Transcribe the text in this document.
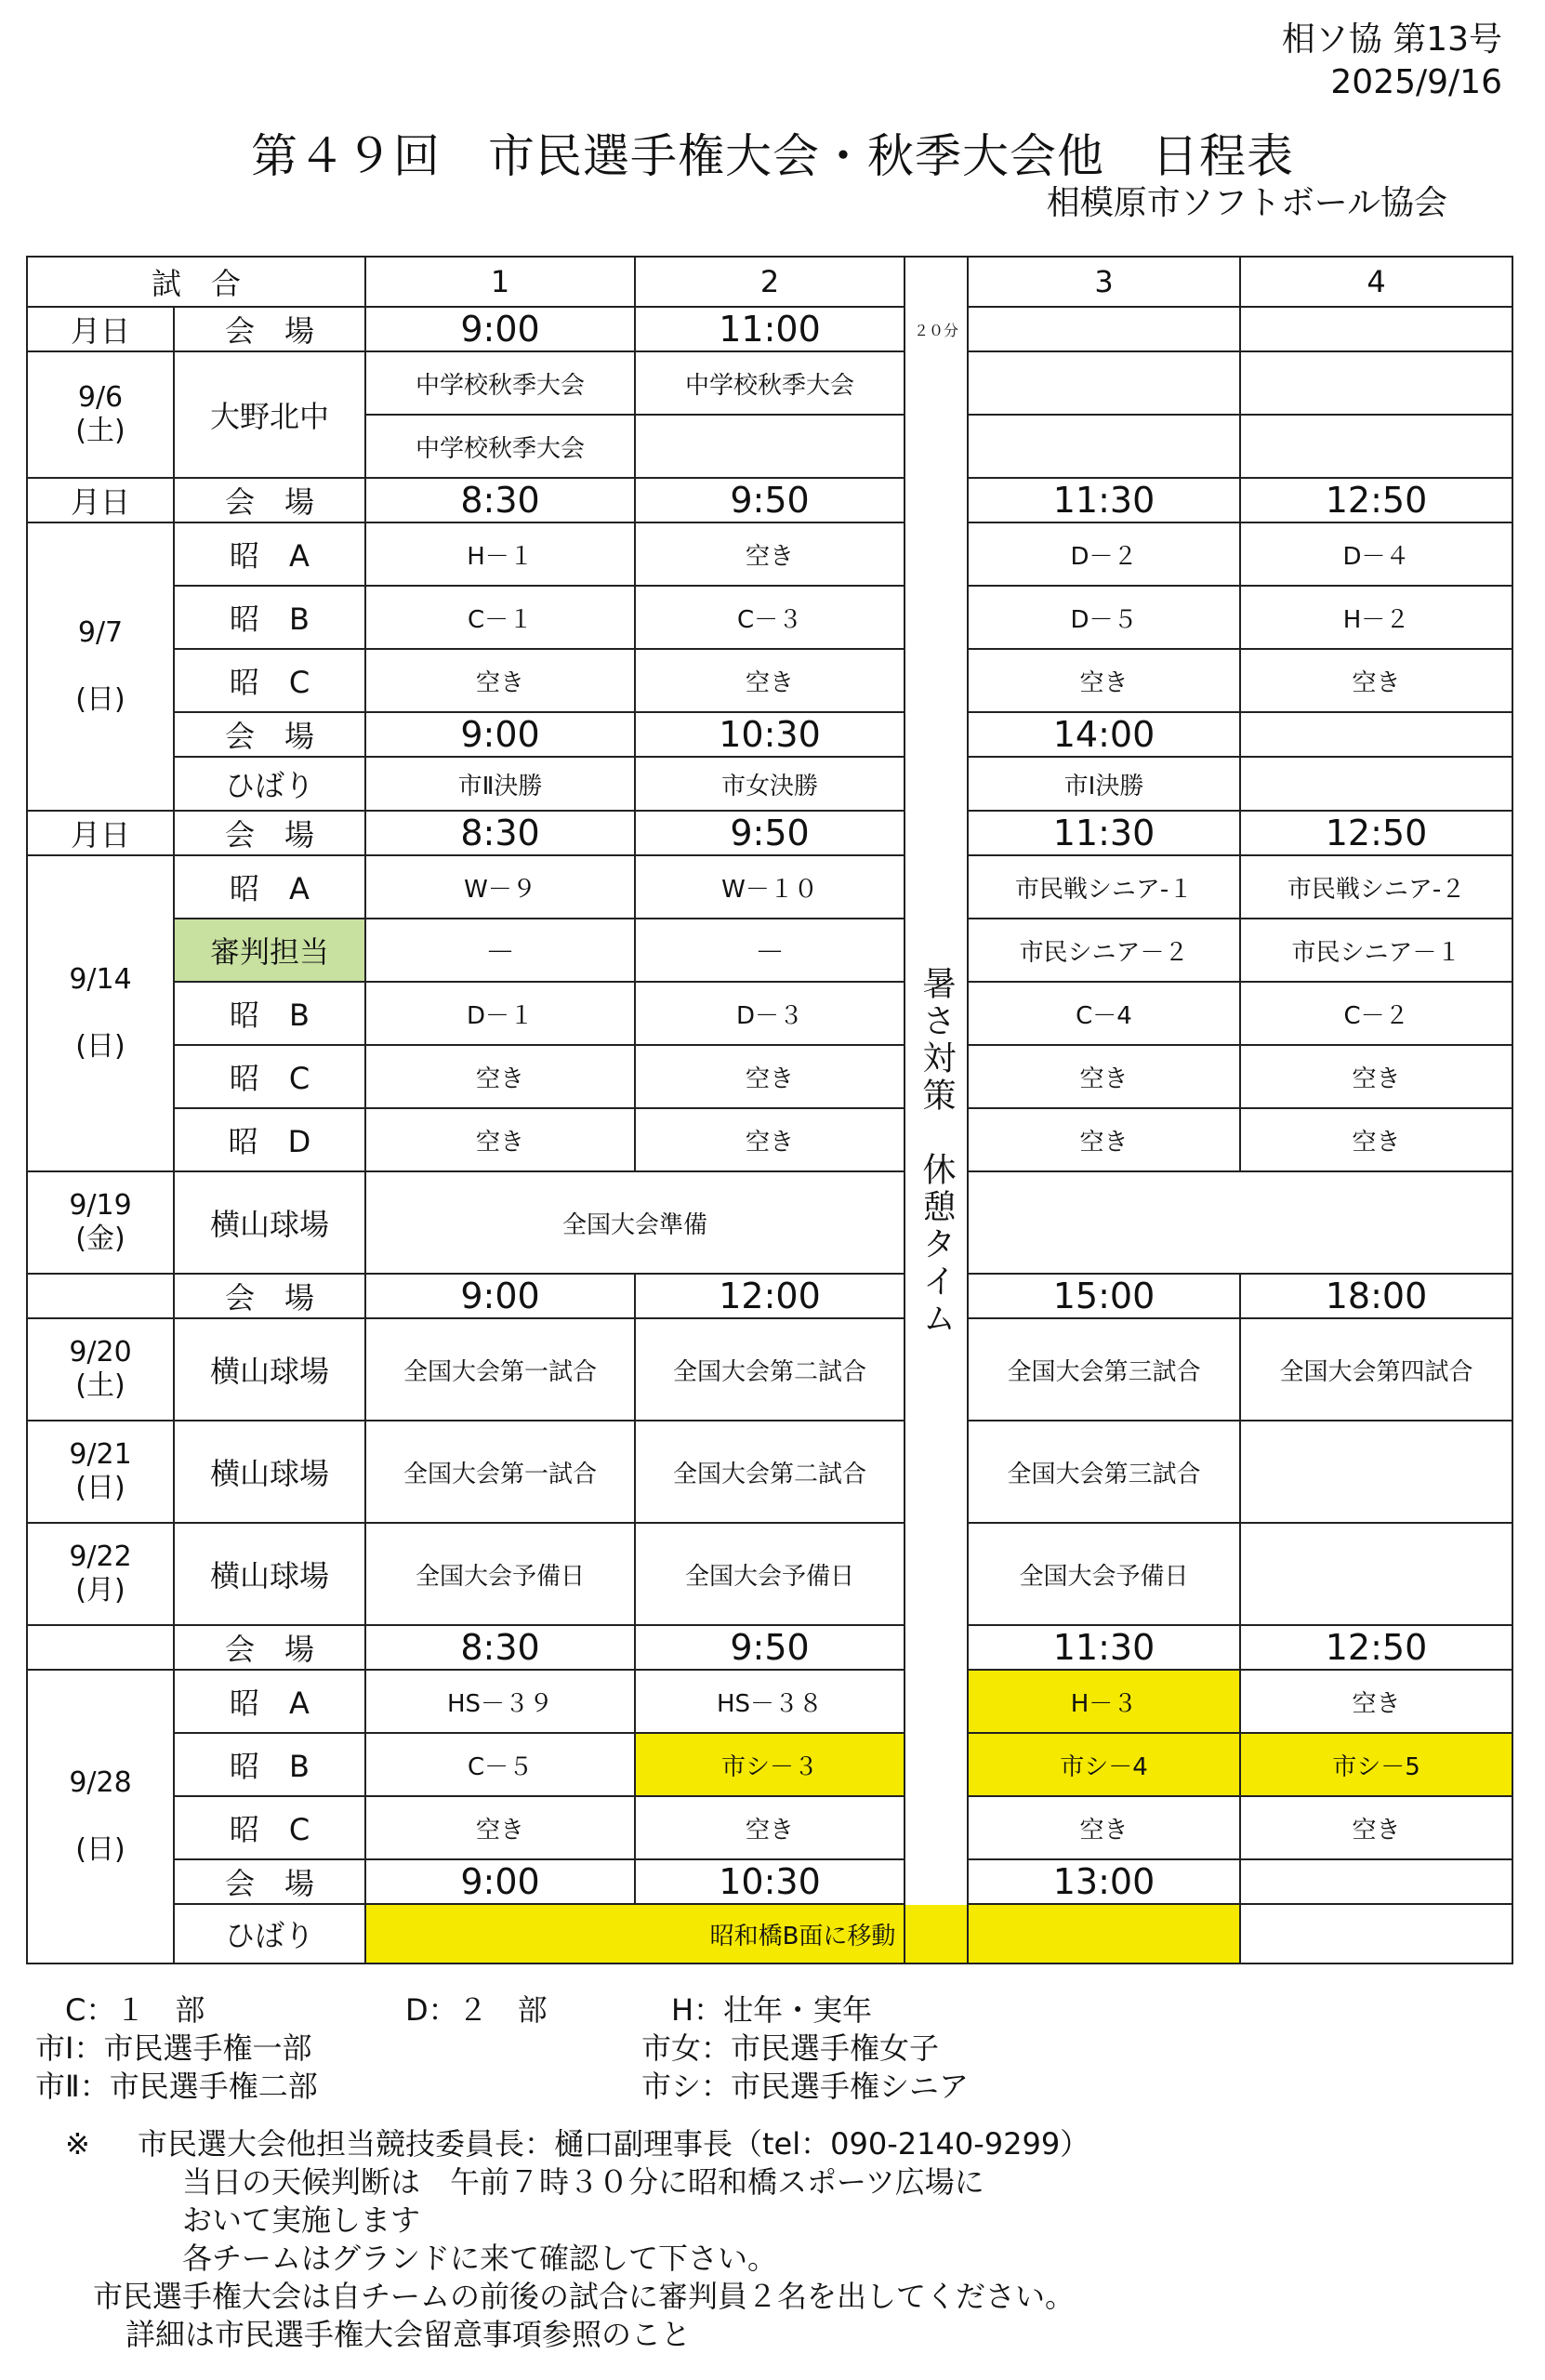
相ソ協 第13号
2025/9/16
第４９回　市民選手権大会・秋季大会他　日程表
相模原市ソフトボール協会
試　合		1	2		3	4
月日	会　場	9:00	11:00	２０分		
9/6
(土)	大野北中	中学校秋季大会	中学校秋季大会	暑さ対策　休憩タイム		
		中学校秋季大会				
月日	会　場	8:30	9:50		11:30	12:50
9/7

(日)	昭　A	H－１	空き		D－２	D－４
	昭　B	C－１	C－３		D－５	H－２
	昭　C	空き	空き		空き	空き
	会　場	9:00	10:30		14:00	
	ひばり	市Ⅱ決勝	市女決勝		市Ⅰ決勝	
月日	会　場	8:30	9:50		11:30	12:50
9/14

(日)	昭　A	W－９	W－１０		市民戦シニア-１	市民戦シニア-２
	審判担当	－	－		市民シニア－２	市民シニア－１
	昭　B	D－１	D－３		C－4	C－２
	昭　C	空き	空き		空き	空き
	昭　D	空き	空き		空き	空き
9/19
(金)	横山球場	全国大会準備				
	会　場	9:00	12:00		15:00	18:00
9/20
(土)	横山球場	全国大会第一試合	全国大会第二試合		全国大会第三試合	全国大会第四試合
9/21
(日)	横山球場	全国大会第一試合	全国大会第二試合		全国大会第三試合	
9/22
(月)	横山球場	全国大会予備日	全国大会予備日		全国大会予備日	
	会　場	8:30	9:50		11:30	12:50
9/28

(日)	昭　A	HS－３９	HS－３８		H－３	空き
	昭　B	C－５	市シ－３		市シ－4	市シ－5
	昭　C	空き	空き		空き	空き
	会　場	9:00	10:30		13:00	
	ひばり	昭和橋B面に移動				
C：１　部	D：２　部	H：壮年・実年
市Ⅰ：市民選手権一部	市女：市民選手権女子
市Ⅱ：市民選手権二部	市シ：市民選手権シニア
※ 市民選大会他担当競技委員長：樋口副理事長（tel：090-2140-9299）
当日の天候判断は　午前７時３０分に昭和橋スポーツ広場に
おいて実施します
各チームはグランドに来て確認して下さい。
市民選手権大会は自チームの前後の試合に審判員２名を出してください。
詳細は市民選手権大会留意事項参照のこと
